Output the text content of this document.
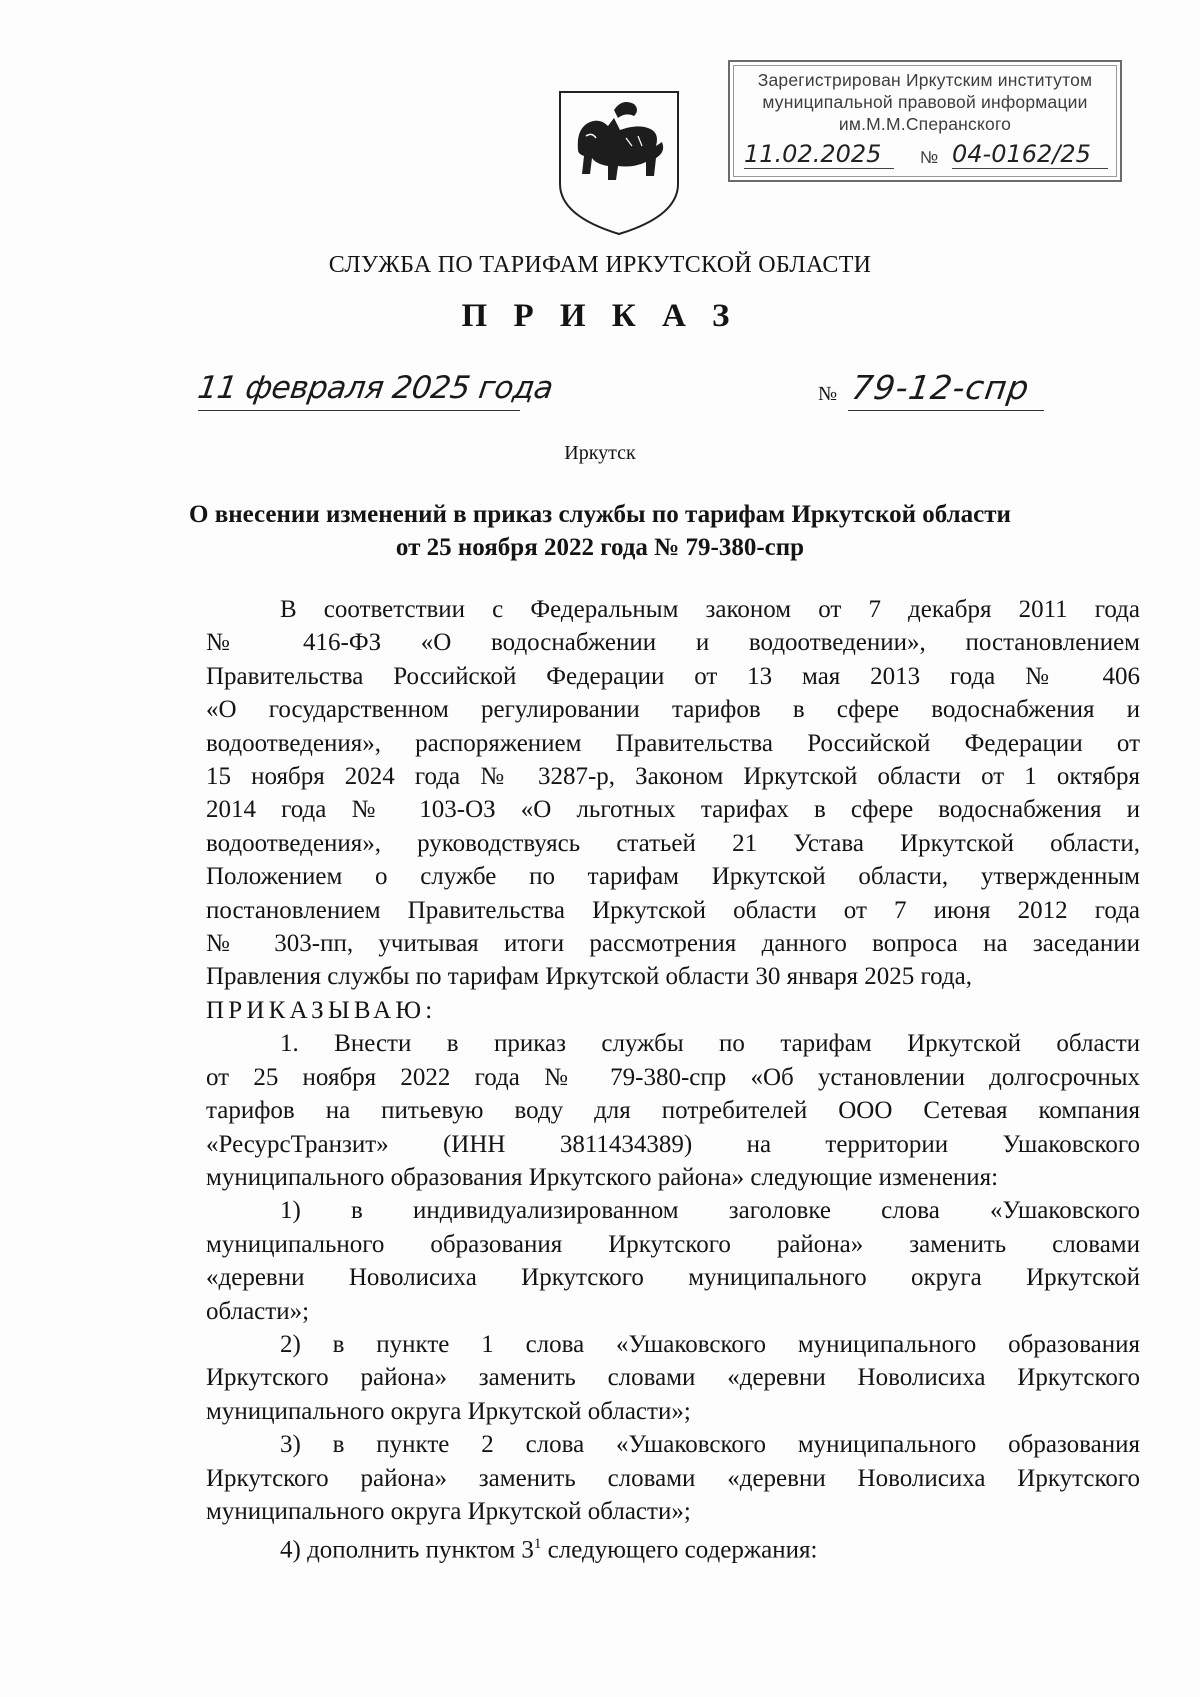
Зарегистрирован Иркутским институтом
муниципальной правовой информации
им.М.М.Сперанского
11.02.2025	№ 04-0162/25
СЛУЖБА ПО ТАРИФАМ ИРКУТСКОЙ ОБЛАСТИ
П Р И К А З
11 февраля 2025 года	№ 79-12-спр
Иркутск
О внесении изменений в приказ службы по тарифам Иркутской области
от 25 ноября 2022 года № 79-380-спр

В соответствии с Федеральным законом от 7 декабря 2011 года

№ 416-ФЗ «О водоснабжении и водоотведении», постановлением

Правительства Российской Федерации от 13 мая 2013 года № 406

«О государственном регулировании тарифов в сфере водоснабжения и

водоотведения», распоряжением Правительства Российской Федерации от

15 ноября 2024 года № 3287-р, Законом Иркутской области от 1 октября

2014 года № 103-ОЗ «О льготных тарифах в сфере водоснабжения и

водоотведения», руководствуясь статьей 21 Устава Иркутской области,

Положением о службе по тарифам Иркутской области, утвержденным

постановлением Правительства Иркутской области от 7 июня 2012 года

№ 303-пп, учитывая итоги рассмотрения данного вопроса на заседании

Правления службы по тарифам Иркутской области 30 января 2025 года,

ПРИКАЗЫВАЮ:

1. Внести в приказ службы по тарифам Иркутской области

от 25 ноября 2022 года № 79-380-спр «Об установлении долгосрочных

тарифов на питьевую воду для потребителей ООО Сетевая компания

«РесурсТранзит» (ИНН 3811434389) на территории Ушаковского

муниципального образования Иркутского района» следующие изменения:

1) в индивидуализированном заголовке слова «Ушаковского

муниципального образования Иркутского района» заменить словами

«деревни Новолисиха Иркутского муниципального округа Иркутской

области»;

2) в пункте 1 слова «Ушаковского муниципального образования

Иркутского района» заменить словами «деревни Новолисиха Иркутского

муниципального округа Иркутской области»;

3) в пункте 2 слова «Ушаковского муниципального образования

Иркутского района» заменить словами «деревни Новолисиха Иркутского

муниципального округа Иркутской области»;

4) дополнить пунктом $3^1$ следующего содержания:
